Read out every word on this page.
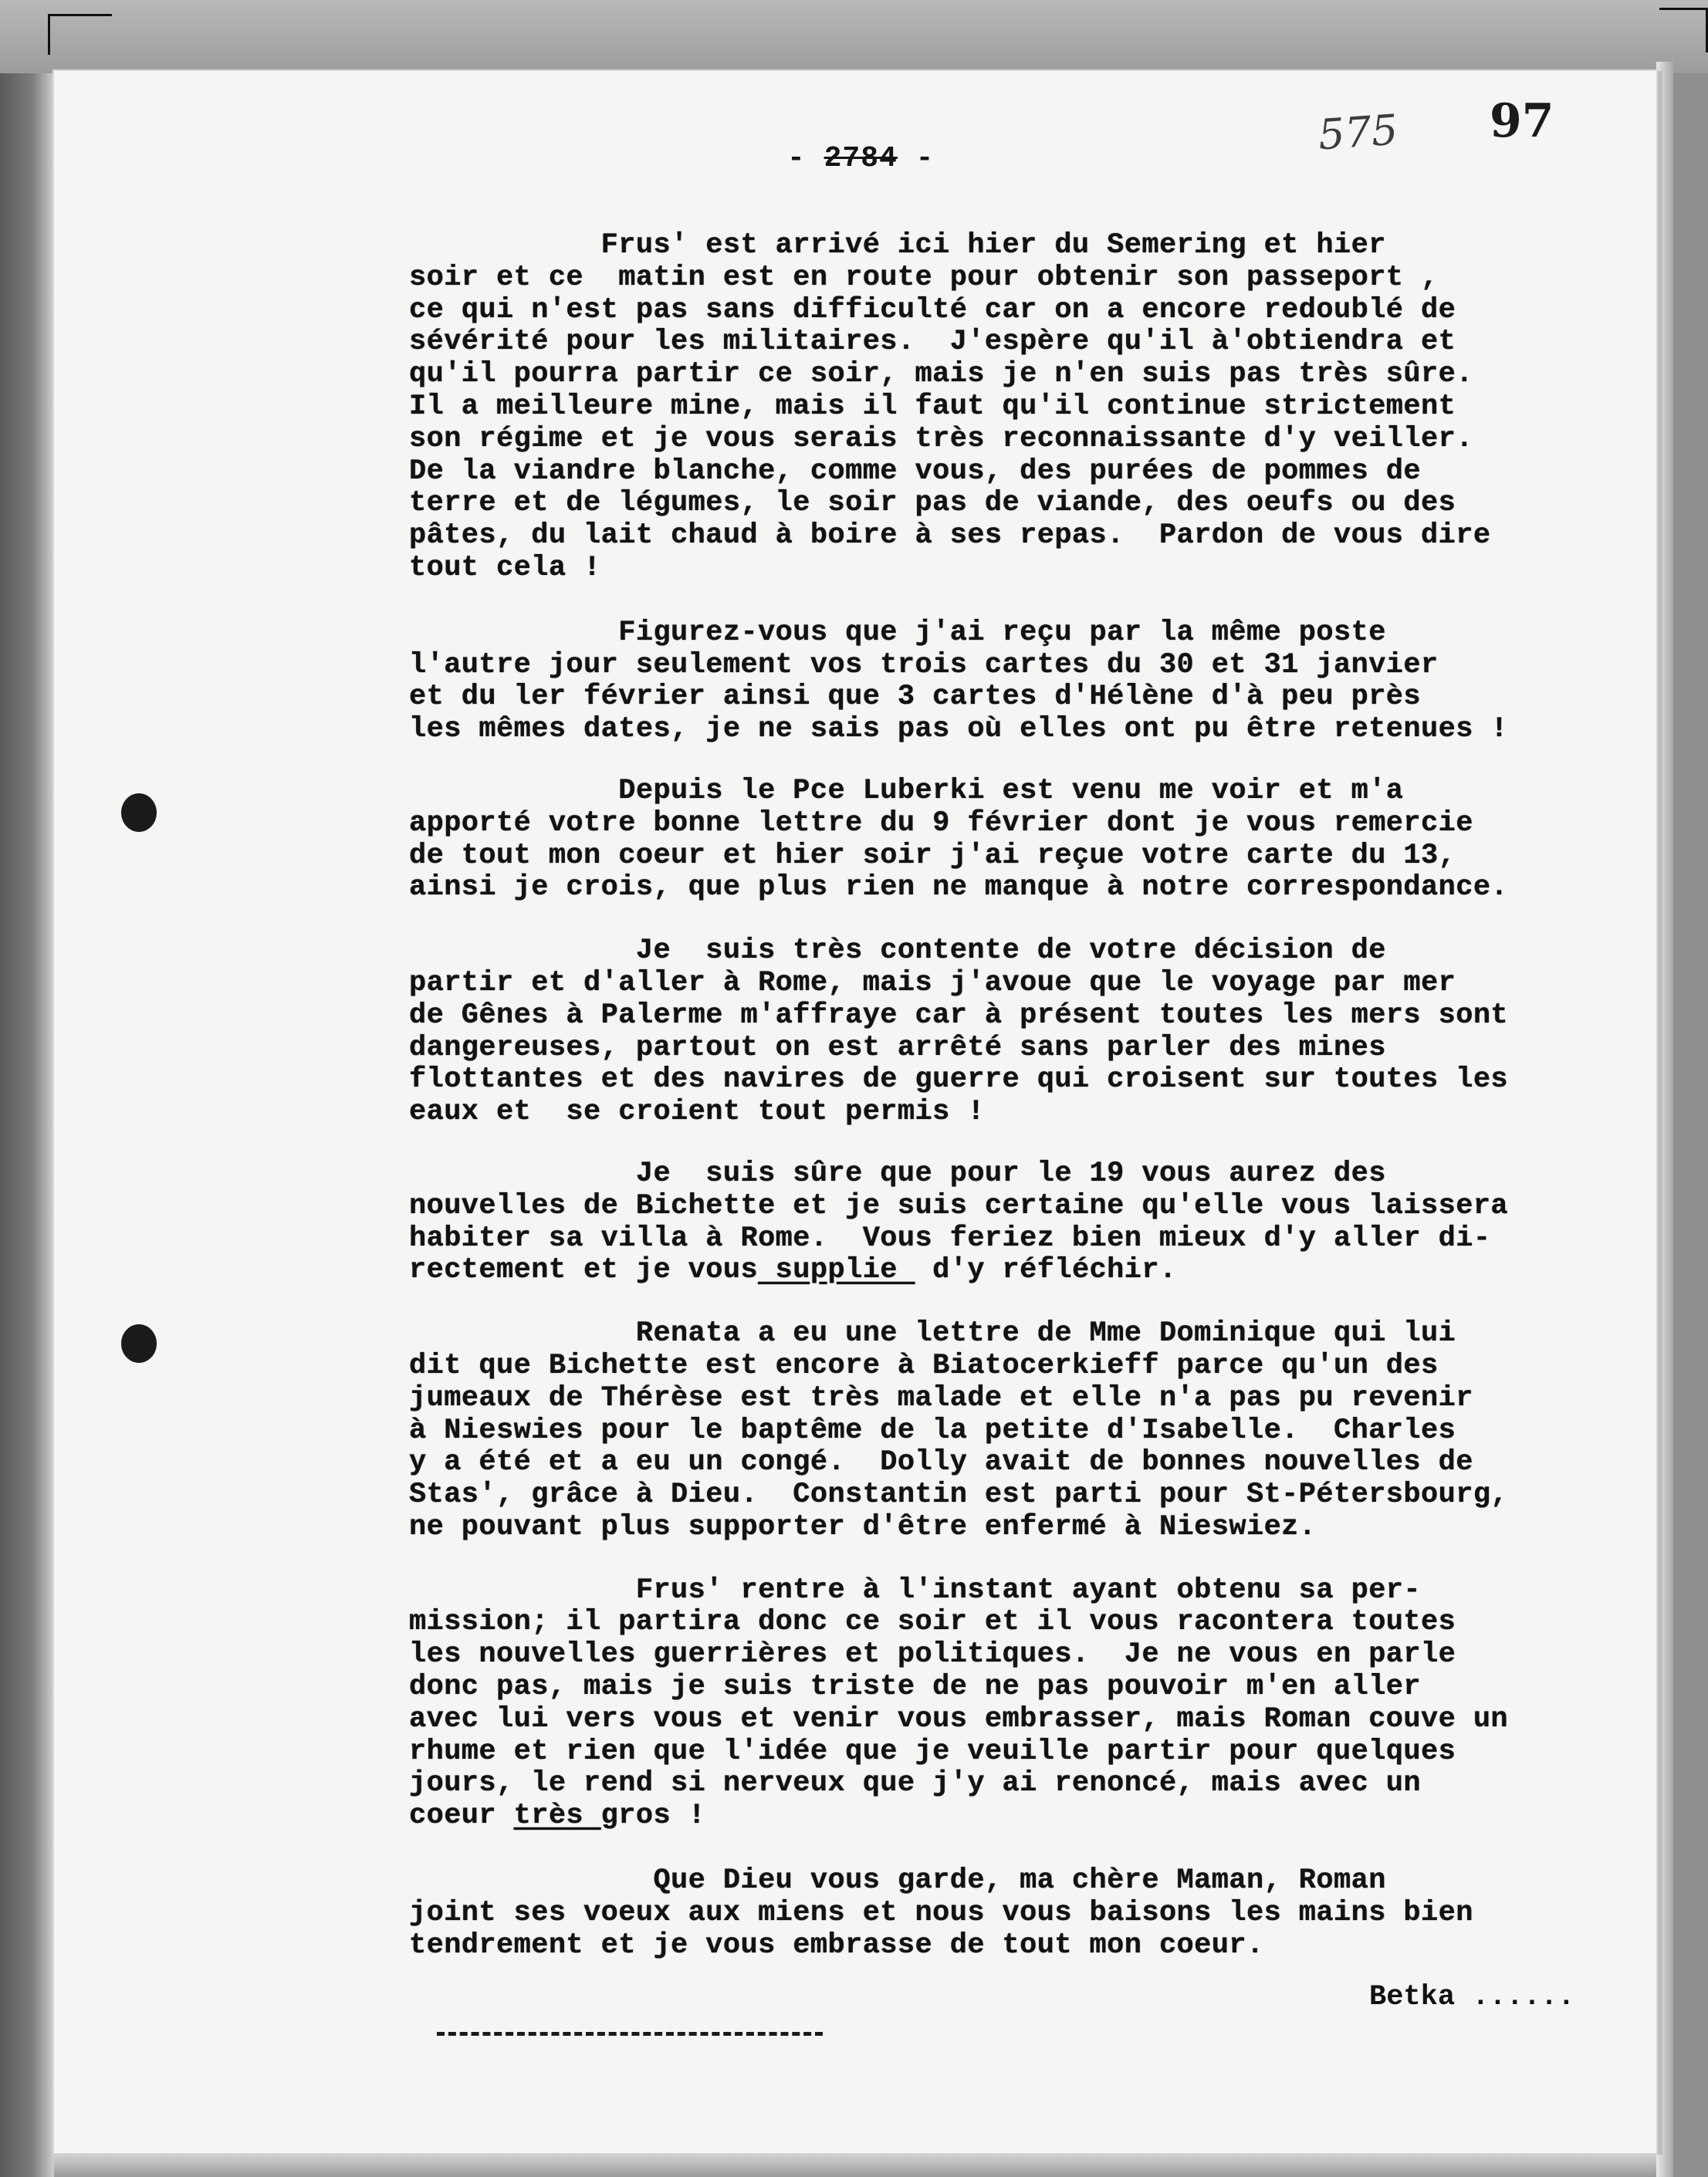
- 2784 -	575 97
Frus' est arrivé ici hier du Semering et hier
soir et ce  matin est en route pour obtenir son passeport ,
ce qui n'est pas sans difficulté car on a encore redoublé de
sévérité pour les militaires.  J'espère qu'il à'obtiendra et
qu'il pourra partir ce soir, mais je n'en suis pas très sûre.
Il a meilleure mine, mais il faut qu'il continue strictement
son régime et je vous serais très reconnaissante d'y veiller.
De la viandre blanche, comme vous, des purées de pommes de
terre et de légumes, le soir pas de viande, des oeufs ou des
pâtes, du lait chaud à boire à ses repas.  Pardon de vous dire
tout cela !
Figurez-vous que j'ai reçu par la même poste
l'autre jour seulement vos trois cartes du 30 et 31 janvier
et du ler février ainsi que 3 cartes d'Hélène d'à peu près
les mêmes dates, je ne sais pas où elles ont pu être retenues !
Depuis le Pce Luberki est venu me voir et m'a
apporté votre bonne lettre du 9 février dont je vous remercie
de tout mon coeur et hier soir j'ai reçue votre carte du 13,
ainsi je crois, que plus rien ne manque à notre correspondance.
Je  suis très contente de votre décision de
partir et d'aller à Rome, mais j'avoue que le voyage par mer
de Gênes à Palerme m'affraye car à présent toutes les mers sont
dangereuses, partout on est arrêté sans parler des mines
flottantes et des navires de guerre qui croisent sur toutes les
eaux et  se croient tout permis !
Je  suis sûre que pour le 19 vous aurez des
nouvelles de Bichette et je suis certaine qu'elle vous laissera
habiter sa villa à Rome.  Vous feriez bien mieux d'y aller di-
rectement et je vous supplie  d'y réfléchir.
Renata a eu une lettre de Mme Dominique qui lui
dit que Bichette est encore à Biatocerkieff parce qu'un des
jumeaux de Thérèse est très malade et elle n'a pas pu revenir
à Nieswies pour le baptême de la petite d'Isabelle.  Charles
y a été et a eu un congé.  Dolly avait de bonnes nouvelles de
Stas', grâce à Dieu.  Constantin est parti pour St-Pétersbourg,
ne pouvant plus supporter d'être enfermé à Nieswiez.
Frus' rentre à l'instant ayant obtenu sa per-
mission; il partira donc ce soir et il vous racontera toutes
les nouvelles guerrières et politiques.  Je ne vous en parle
donc pas, mais je suis triste de ne pas pouvoir m'en aller
avec lui vers vous et venir vous embrasser, mais Roman couve un
rhume et rien que l'idée que je veuille partir pour quelques
jours, le rend si nerveux que j'y ai renoncé, mais avec un
coeur très gros !
Que Dieu vous garde, ma chère Maman, Roman
joint ses voeux aux miens et nous vous baisons les mains bien
tendrement et je vous embrasse de tout mon coeur.
Betka ......
